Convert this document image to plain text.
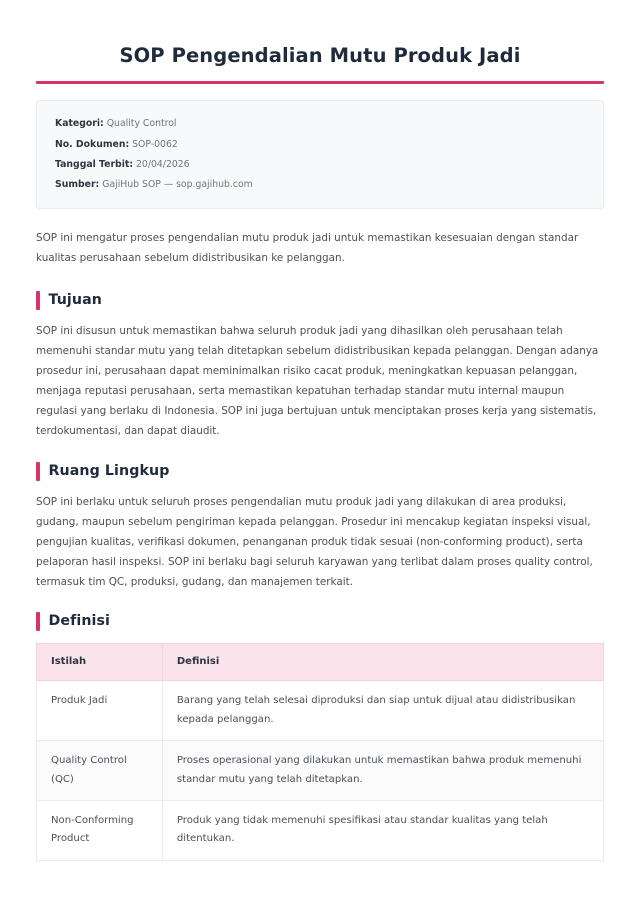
SOP Pengendalian Mutu Produk Jadi
Kategori: Quality Control
No. Dokumen: SOP-0062
Tanggal Terbit: 20/04/2026
Sumber: GajiHub SOP — sop.gajihub.com

SOP ini mengatur proses pengendalian mutu produk jadi untuk memastikan kesesuaian dengan standar kualitas perusahaan sebelum didistribusikan ke pelanggan.

Tujuan

SOP ini disusun untuk memastikan bahwa seluruh produk jadi yang dihasilkan oleh perusahaan telah memenuhi standar mutu yang telah ditetapkan sebelum didistribusikan kepada pelanggan. Dengan adanya prosedur ini, perusahaan dapat meminimalkan risiko cacat produk, meningkatkan kepuasan pelanggan, menjaga reputasi perusahaan, serta memastikan kepatuhan terhadap standar mutu internal maupun regulasi yang berlaku di Indonesia. SOP ini juga bertujuan untuk menciptakan proses kerja yang sistematis, terdokumentasi, dan dapat diaudit.

Ruang Lingkup

SOP ini berlaku untuk seluruh proses pengendalian mutu produk jadi yang dilakukan di area produksi, gudang, maupun sebelum pengiriman kepada pelanggan. Prosedur ini mencakup kegiatan inspeksi visual, pengujian kualitas, verifikasi dokumen, penanganan produk tidak sesuai (non-conforming product), serta pelaporan hasil inspeksi. SOP ini berlaku bagi seluruh karyawan yang terlibat dalam proses quality control, termasuk tim QC, produksi, gudang, dan manajemen terkait.

Definisi
Istilah	Definisi
Produk Jadi	Barang yang telah selesai diproduksi dan siap untuk dijual atau didistribusikan kepada pelanggan.
Quality Control (QC)	Proses operasional yang dilakukan untuk memastikan bahwa produk memenuhi standar mutu yang telah ditetapkan.
Non-Conforming Product	Produk yang tidak memenuhi spesifikasi atau standar kualitas yang telah ditentukan.
